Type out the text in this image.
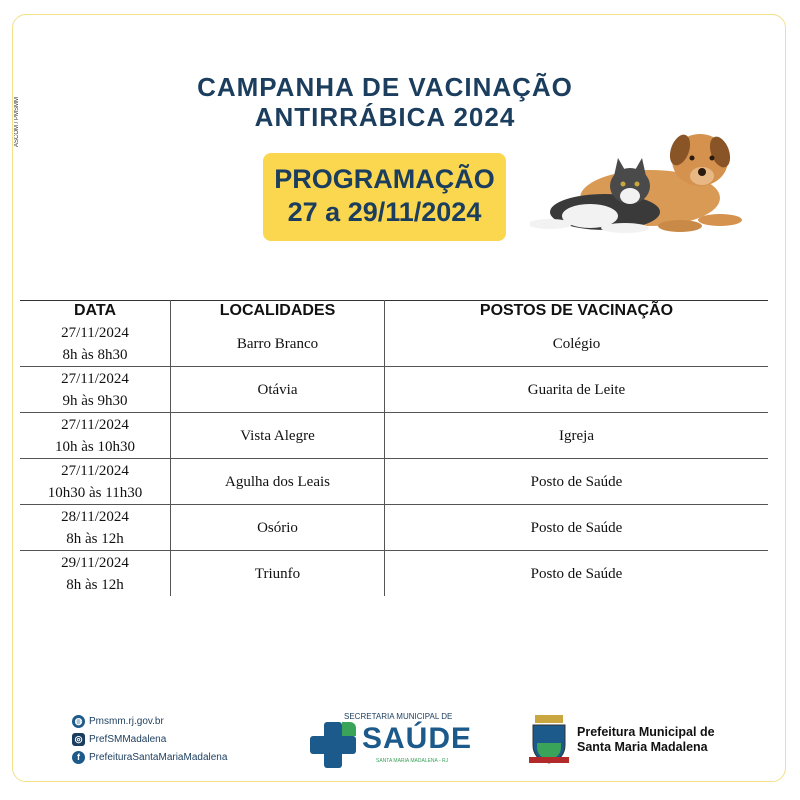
ASCOM / PMSMM
CAMPANHA DE VACINAÇÃO
ANTIRRÁBICA 2024
PROGRAMAÇÃO
27 a 29/11/2024
DATA	LOCALIDADES	POSTOS DE VACINAÇÃO

27/11/2024
8h às 8h30	Barro Branco	Colégio

27/11/2024
9h às 9h30	Otávia	Guarita de Leite

27/11/2024
10h às 10h30	Vista Alegre	Igreja

27/11/2024
10h30 às 11h30	Agulha dos Leais	Posto de Saúde

28/11/2024
8h às 12h	Osório	Posto de Saúde

29/11/2024
8h às 12h	Triunfo	Posto de Saúde
◍ Pmsmm.rj.gov.br
◎ PrefSMMadalena
f PrefeituraSantaMariaMadalena
SECRETARIA MUNICIPAL DE
SAÚDE
SANTA MARIA MADALENA - RJ
Prefeitura Municipal de
Santa Maria Madalena
